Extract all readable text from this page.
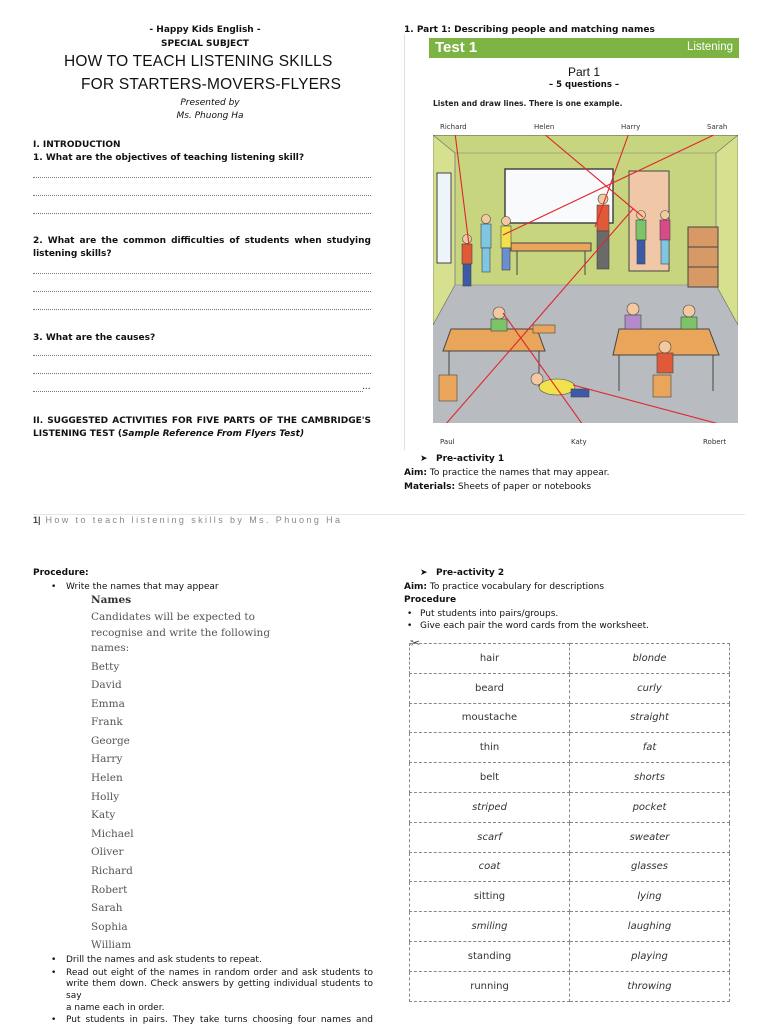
- Happy Kids English -
SPECIAL SUBJECT
HOW TO TEACH LISTENING SKILLS
FOR STARTERS-MOVERS-FLYERS
Presented by
Ms. Phuong Ha
I. INTRODUCTION
1. What are the objectives of teaching listening skill?
2. What are the common difficulties of students when studying
listening skills?
3. What are the causes?
...
II. SUGGESTED ACTIVITIES FOR FIVE PARTS OF THE CAMBRIDGE'S
LISTENING TEST (Sample Reference From Flyers Test)
1. Part 1: Describing people and matching names
Test 1	Listening
Part 1
– 5 questions –
Listen and draw lines. There is one example.
Richard	Helen	Harry	Sarah
Paul	Katy	Robert
➤ Pre-activity 1
Aim: To practice the names that may appear.
Materials: Sheets of paper or notebooks
1| How to teach listening skills by Ms. Phuong Ha
Procedure:
• Write the names that may appear
Names
Candidates will be expected to
recognise and write the following
names:
Betty
David
Emma
Frank
George
Harry
Helen
Holly
Katy
Michael
Oliver
Richard
Robert
Sarah
Sophia
William
• Drill the names and ask students to repeat.
• Read out eight of the names in random order and ask students to
write them down. Check answers by getting individual students to say
a name each in order.
• Put students in pairs. They take turns choosing four names and
➤ Pre-activity 2
Aim: To practice vocabulary for descriptions
Procedure
• Put students into pairs/groups.
• Give each pair the word cards from the worksheet.
✂
hair	blonde
beard	curly
moustache	straight
thin	fat
belt	shorts
striped	pocket
scarf	sweater
coat	glasses
sitting	lying
smiling	laughing
standing	playing
running	throwing
